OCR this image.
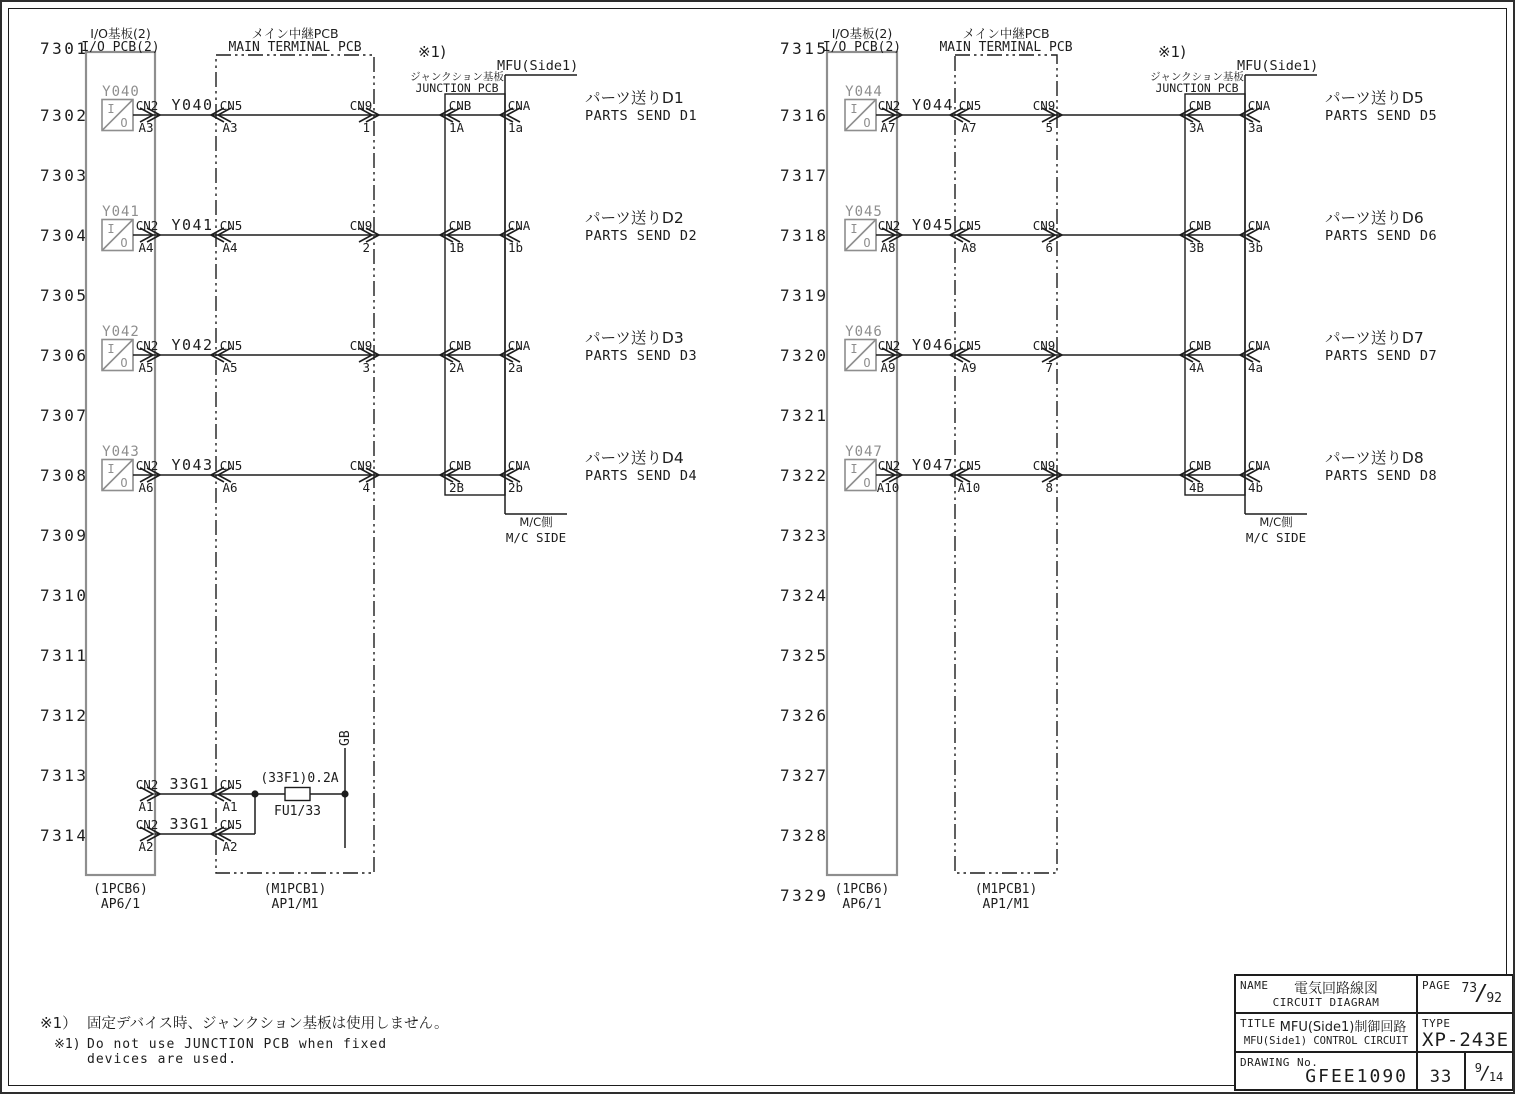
7301
7302
7303
7304
7305
7306
7307
7308
7309
7310
7311
7312
7313
7314
I/O基板(2)
I/O PCB(2)
(1PCB6)
AP6/1
メイン中継PCB
MAIN TERMINAL PCB
(M1PCB1)
AP1/M1
※1)
ジャンクション基板
JUNCTION PCB
MFU(Side1)
M/C側
M/C SIDE
Y040
I
O
CN2
A3
Y040 CN5
A3
CN9
1
CNB
1A
CNA
1a
パーツ送りD1
PARTS SEND D1
Y041
I
O
CN2
A4
Y041 CN5
A4
CN9
2
CNB
1B
CNA
1b
パーツ送りD2
PARTS SEND D2
Y042
I
O
CN2
A5
Y042 CN5
A5
CN9
3
CNB
2A
CNA
2a
パーツ送りD3
PARTS SEND D3
Y043
I
O
CN2
A6
Y043 CN5
A6
CN9
4
CNB
2B
CNA
2b
パーツ送りD4
PARTS SEND D4
CN2
A1
33G1 CN5
A1
CN2
A2
33G1 CN5
A2
(33F1)0.2A
FU1/33
GB
7315
7316
7317
7318
7319
7320
7321
7322
7323
7324
7325
7326
7327
7328
7329
I/O基板(2)
I/O PCB(2)
(1PCB6)
AP6/1
メイン中継PCB
MAIN TERMINAL PCB
(M1PCB1)
AP1/M1
※1)
ジャンクション基板
JUNCTION PCB
MFU(Side1)
M/C側
M/C SIDE
Y044
I
O
CN2
A7
Y044 CN5
A7
CN9
5
CNB
3A
CNA
3a
パーツ送りD5
PARTS SEND D5
Y045
I
O
CN2
A8
Y045 CN5
A8
CN9
6
CNB
3B
CNA
3b
パーツ送りD6
PARTS SEND D6
Y046
I
O
CN2
A9
Y046 CN5
A9
CN9
7
CNB
4A
CNA
4a
パーツ送りD7
PARTS SEND D7
Y047
I
O
CN2
A10
Y047 CN5
A10
CN9
8
CNB
4B
CNA
4b
パーツ送りD8
PARTS SEND D8
※1） 固定デバイス時、ジャンクション基板は使用しません。
※1) Do not use JUNCTION PCB when fixed
devices are used.
NAME	電気回路線図
CIRCUIT DIAGRAM
PAGE $^{73}$∕92
TITLE MFU(Side1)制御回路
MFU(Side1) CONTROL CIRCUIT
TYPE
XP-243E
DRAWING No.
GFEE1090	33	$^9$∕14
